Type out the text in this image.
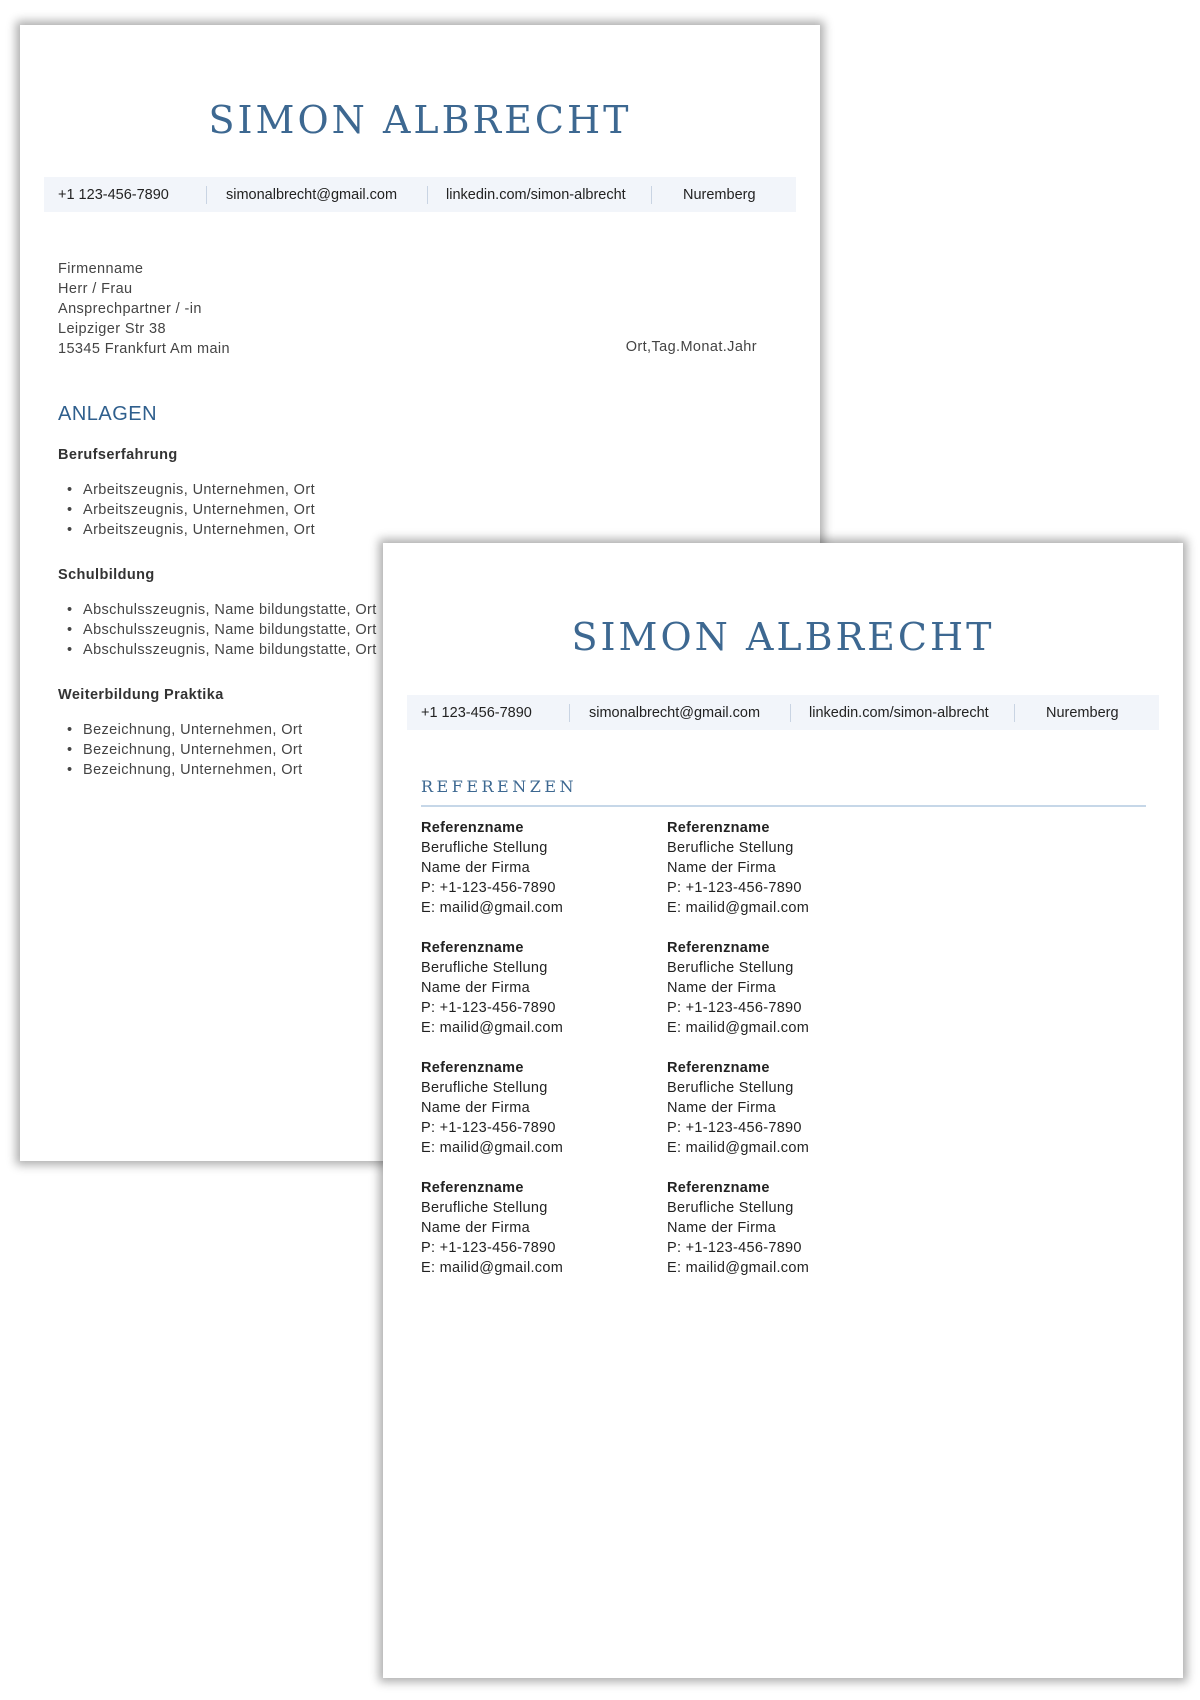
SIMON ALBRECHT
+1 123-456-7890	simonalbrecht@gmail.com	linkedin.com/simon-albrecht	Nuremberg
Firmenname
Herr / Frau
Ansprechpartner / -in
Leipziger Str 38
15345 Frankfurt Am main	Ort,Tag.Monat.Jahr
ANLAGEN
Berufserfahrung
• Arbeitszeugnis, Unternehmen, Ort
• Arbeitszeugnis, Unternehmen, Ort
• Arbeitszeugnis, Unternehmen, Ort
Schulbildung
• Abschulsszeugnis, Name bildungstatte, Ort
• Abschulsszeugnis, Name bildungstatte, Ort
• Abschulsszeugnis, Name bildungstatte, Ort
Weiterbildung Praktika
• Bezeichnung, Unternehmen, Ort
• Bezeichnung, Unternehmen, Ort
• Bezeichnung, Unternehmen, Ort
SIMON ALBRECHT
+1 123-456-7890	simonalbrecht@gmail.com	linkedin.com/simon-albrecht	Nuremberg
REFERENZEN
Referenzname
Berufliche Stellung
Name der Firma
P: +1-123-456-7890
E: mailid@gmail.com
Referenzname
Berufliche Stellung
Name der Firma
P: +1-123-456-7890
E: mailid@gmail.com
Referenzname
Berufliche Stellung
Name der Firma
P: +1-123-456-7890
E: mailid@gmail.com
Referenzname
Berufliche Stellung
Name der Firma
P: +1-123-456-7890
E: mailid@gmail.com
Referenzname
Berufliche Stellung
Name der Firma
P: +1-123-456-7890
E: mailid@gmail.com
Referenzname
Berufliche Stellung
Name der Firma
P: +1-123-456-7890
E: mailid@gmail.com
Referenzname
Berufliche Stellung
Name der Firma
P: +1-123-456-7890
E: mailid@gmail.com
Referenzname
Berufliche Stellung
Name der Firma
P: +1-123-456-7890
E: mailid@gmail.com
